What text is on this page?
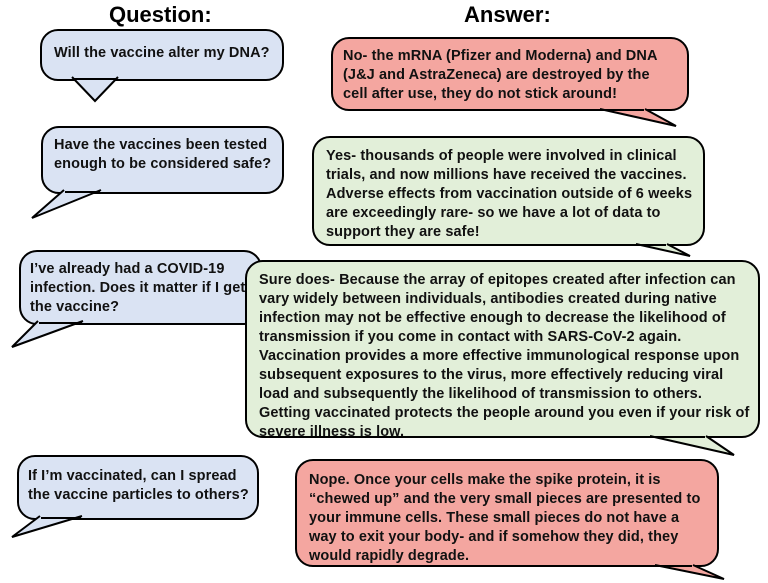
Question:	Answer:
Will the vaccine alter my DNA?	No- the mRNA (Pfizer and Moderna) and DNA (J&J and AstraZeneca) are destroyed by the cell after use, they do not stick around!
Have the vaccines been tested enough to be considered safe?	Yes- thousands of people were involved in clinical trials, and now millions have received the vaccines. Adverse effects from vaccination outside of 6 weeks are exceedingly rare- so we have a lot of data to support they are safe!
I’ve already had a COVID-19 infection. Does it matter if I get the vaccine?
Sure does- Because the array of epitopes created after infection can vary widely between individuals, antibodies created during native infection may not be effective enough to decrease the likelihood of transmission if you come in contact with SARS-CoV-2 again. Vaccination provides a more effective immunological response upon subsequent exposures to the virus, more effectively reducing viral load and subsequently the likelihood of transmission to others. Getting vaccinated protects the people around you even if your risk of severe illness is low.
If I’m vaccinated, can I spread the vaccine particles to others?
Nope. Once your cells make the spike protein, it is “chewed up” and the very small pieces are presented to your immune cells. These small pieces do not have a way to exit your body- and if somehow they did, they would rapidly degrade.
